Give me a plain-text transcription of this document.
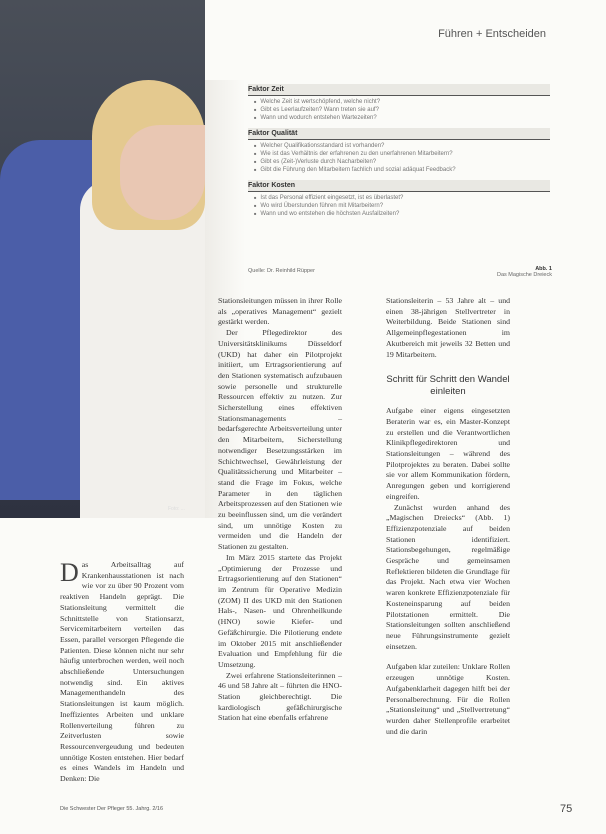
Foto: ...
Führen + Entscheiden
Faktor Zeit
■ Welche Zeit ist wertschöpfend, welche nicht?
■ Gibt es Leerlaufzeiten? Wann treten sie auf?
■ Wann und wodurch entstehen Wartezeiten?
Faktor Qualität
■ Welcher Qualifikationsstandard ist vorhanden?
■ Wie ist das Verhältnis der erfahrenen zu den unerfahrenen Mitarbeitern?
■ Gibt es (Zeit-)Verluste durch Nacharbeiten?
■ Gibt die Führung den Mitarbeitern fachlich und sozial adäquat Feedback?
Faktor Kosten
■ Ist das Personal effizient eingesetzt, ist es überlastet?
■ Wo wird Überstunden führen mit Mitarbeitern?
■ Wann und wo entstehen die höchsten Ausfallzeiten?
Quelle: Dr. Reinhild Rüpper	Abb. 1
Das Magische Dreieck
D as Arbeitsalltag auf Krankenhausstationen ist nach wie vor zu über 90 Prozent vom reaktiven Handeln geprägt. Die Stationsleitung vermittelt die Schnittstelle von Stationsarzt, Servicemitarbeitern verteilen das Essen, parallel versorgen Pflegende die Patienten. Diese können nicht nur sehr häufig unterbrochen werden, weil noch abschließende Untersuchungen notwendig sind. Ein aktives Managementhandeln des Stationsleitungen ist kaum möglich. Ineffizientes Arbeiten und unklare Rollenverteilung führen zu Zeitverlusten sowie Ressourcenvergeudung und bedeuten unnötige Kosten entstehen. Hier bedarf es eines Wandels im Handeln und Denken: Die

Stationsleitungen müssen in ihrer Rolle als „operatives Management“ gezielt gestärkt werden.

Der Pflegedirektor des Universitätsklinikums Düsseldorf (UKD) hat daher ein Pilotprojekt initiiert, um Ertragsorientierung auf den Stationen systematisch aufzubauen sowie personelle und strukturelle Ressourcen effektiv zu nutzen. Zur Sicherstellung eines effektiven Stationsmanagements – bedarfsgerechte Arbeitsverteilung unter den Mitarbeitern, Sicherstellung notwendiger Besetzungsstärken im Schichtwechsel, Gewährleistung der Qualitätssicherung und Mitarbeiter – stand die Frage im Fokus, welche Parameter in den täglichen Arbeitsprozessen auf den Stationen wie zu beeinflussen sind, um die verändert sind, um unnötige Kosten zu vermeiden und die Handeln der Stationen zu gestalten.

Im März 2015 startete das Projekt „Optimierung der Prozesse und Ertragsorientierung auf den Stationen“ im Zentrum für Operative Medizin (ZOM) II des UKD mit den Stationen Hals-, Nasen- und Ohrenheilkunde (HNO) sowie Kiefer- und Gefäßchirurgie. Die Pilotierung endete im Oktober 2015 mit anschließender Evaluation und Empfehlung für die Umsetzung.

Zwei erfahrene Stationsleiterinnen – 46 und 58 Jahre alt – führten die HNO-Station gleichberechtigt. Die kardiologisch gefäßchirurgische Station hat eine ebenfalls erfahrene

Stationsleiterin – 53 Jahre alt – und einen 38-jährigen Stellvertreter in Weiterbildung. Beide Stationen sind Allgemeinpflegestationen im Akutbereich mit jeweils 32 Betten und 19 Mitarbeitern.

Schritt für Schritt den Wandel einleiten

Aufgabe einer eigens eingesetzten Beraterin war es, ein Master-Konzept zu erstellen und die Verantwortlichen Klinikpflegedirektoren und Stationsleitungen – während des Pilotprojektes zu beraten. Dabei sollte sie vor allem Kommunikation fördern, Anregungen geben und korrigierend eingreifen.

Zunächst wurden anhand des „Magischen Dreiecks“ (Abb. 1) Effizienzpotenziale auf beiden Stationen identifiziert. Stationsbegehungen, regelmäßige Gespräche und gemeinsamen Reflektieren bildeten die Grundlage für das Projekt. Nach etwa vier Wochen waren konkrete Effizienzpotenziale für Kosteneinsparung auf beiden Pilotstationen ermittelt. Die Stationsleitungen sollten anschließend neue Führungsinstrumente gezielt einsetzen.

Aufgaben klar zuteilen: Unklare Rollen erzeugen unnötige Kosten. Aufgabenklarheit dagegen hilft bei der Personalberechnung. Für die Rollen „Stationsleitung“ und „Stellvertretung“ wurden daher Stellenprofile erarbeitet und die darin

Die Schwester Der Pfleger 55. Jahrg. 2/16	75
